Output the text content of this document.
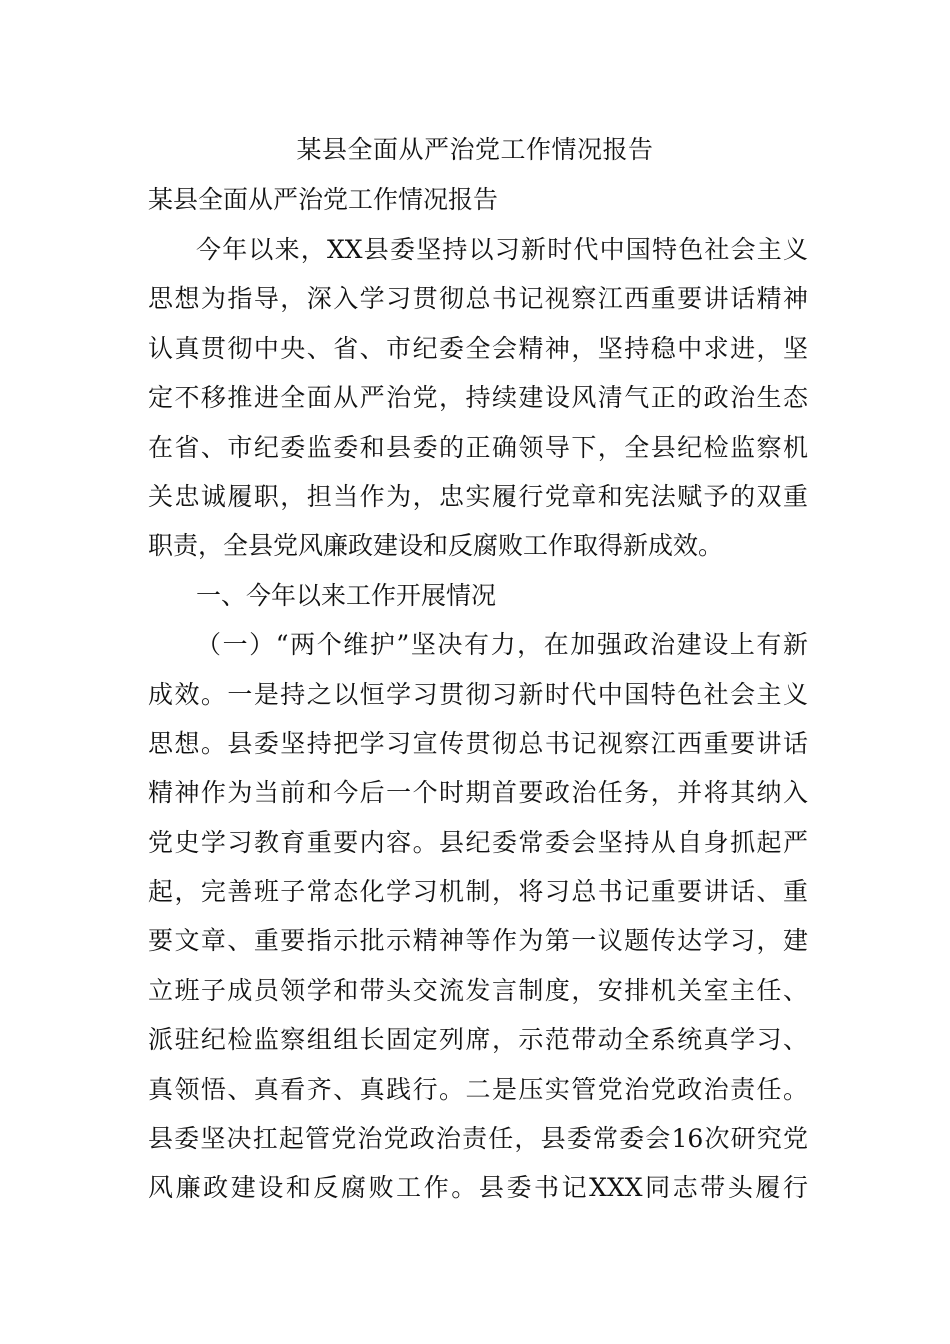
某县全面从严治党工作情况报告
某县全面从严治党工作情况报告
今年以来，XX县委坚持以习新时代中国特色社会主义
思想为指导，深入学习贯彻总书记视察江西重要讲话精神
认真贯彻中央、省、市纪委全会精神，坚持稳中求进，坚
定不移推进全面从严治党，持续建设风清气正的政治生态
在省、市纪委监委和县委的正确领导下，全县纪检监察机
关忠诚履职，担当作为，忠实履行党章和宪法赋予的双重
职责，全县党风廉政建设和反腐败工作取得新成效。
一、今年以来工作开展情况
（一）“两个维护”坚决有力，在加强政治建设上有新
成效。一是持之以恒学习贯彻习新时代中国特色社会主义
思想。县委坚持把学习宣传贯彻总书记视察江西重要讲话
精神作为当前和今后一个时期首要政治任务，并将其纳入
党史学习教育重要内容。县纪委常委会坚持从自身抓起严
起，完善班子常态化学习机制，将习总书记重要讲话、重
要文章、重要指示批示精神等作为第一议题传达学习，建
立班子成员领学和带头交流发言制度，安排机关室主任、
派驻纪检监察组组长固定列席，示范带动全系统真学习、
真领悟、真看齐、真践行。二是压实管党治党政治责任。
县委坚决扛起管党治党政治责任，县委常委会16次研究党
风廉政建设和反腐败工作。县委书记XXX同志带头履行
